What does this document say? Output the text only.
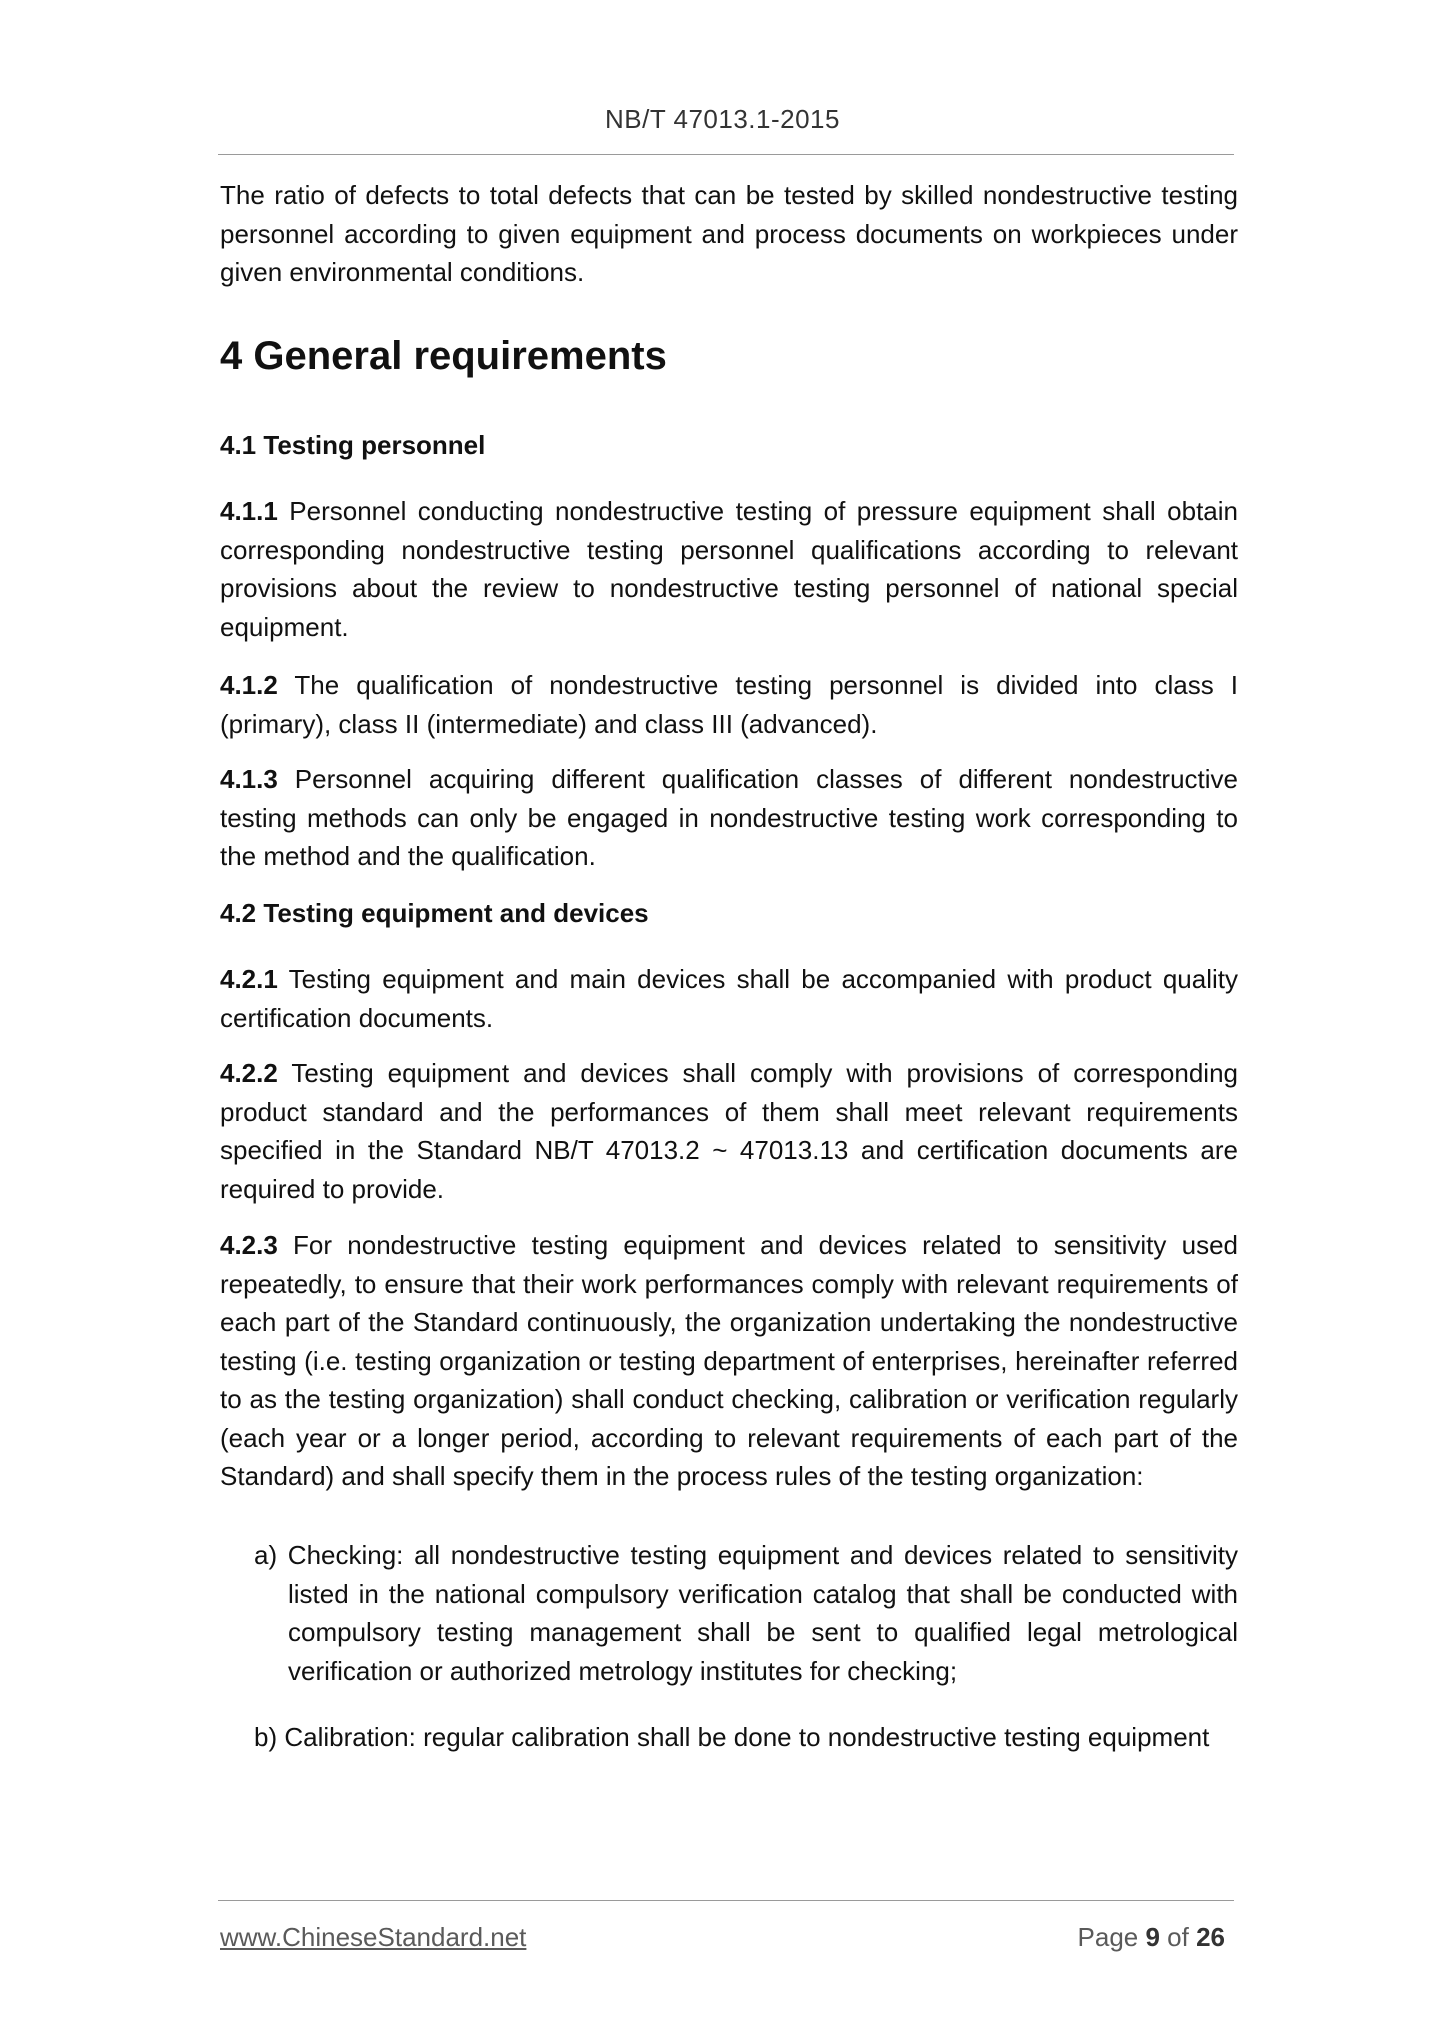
NB/T 47013.1-2015

The ratio of defects to total defects that can be tested by skilled nondestructive testing personnel according to given equipment and process documents on workpieces under given environmental conditions.

4 General requirements
4.1 Testing personnel

4.1.1 Personnel conducting nondestructive testing of pressure equipment shall obtain corresponding nondestructive testing personnel qualifications according to relevant provisions about the review to nondestructive testing personnel of national special equipment.

4.1.2 The qualification of nondestructive testing personnel is divided into class I (primary), class II (intermediate) and class III (advanced).

4.1.3 Personnel acquiring different qualification classes of different nondestructive testing methods can only be engaged in nondestructive testing work corresponding to the method and the qualification.

4.2 Testing equipment and devices

4.2.1 Testing equipment and main devices shall be accompanied with product quality certification documents.

4.2.2 Testing equipment and devices shall comply with provisions of corresponding product standard and the performances of them shall meet relevant requirements specified in the Standard NB/T 47013.2 ~ 47013.13 and certification documents are required to provide.

4.2.3 For nondestructive testing equipment and devices related to sensitivity used repeatedly, to ensure that their work performances comply with relevant requirements of each part of the Standard continuously, the organization undertaking the nondestructive testing (i.e. testing organization or testing department of enterprises, hereinafter referred to as the testing organization) shall conduct checking, calibration or verification regularly (each year or a longer period, according to relevant requirements of each part of the Standard) and shall specify them in the process rules of the testing organization:

a) Checking: all nondestructive testing equipment and devices related to sensitivity listed in the national compulsory verification catalog that shall be conducted with compulsory testing management shall be sent to qualified legal metrological verification or authorized metrology institutes for checking;

b) Calibration: regular calibration shall be done to nondestructive testing equipment

www.ChineseStandard.net	Page 9 of 26
